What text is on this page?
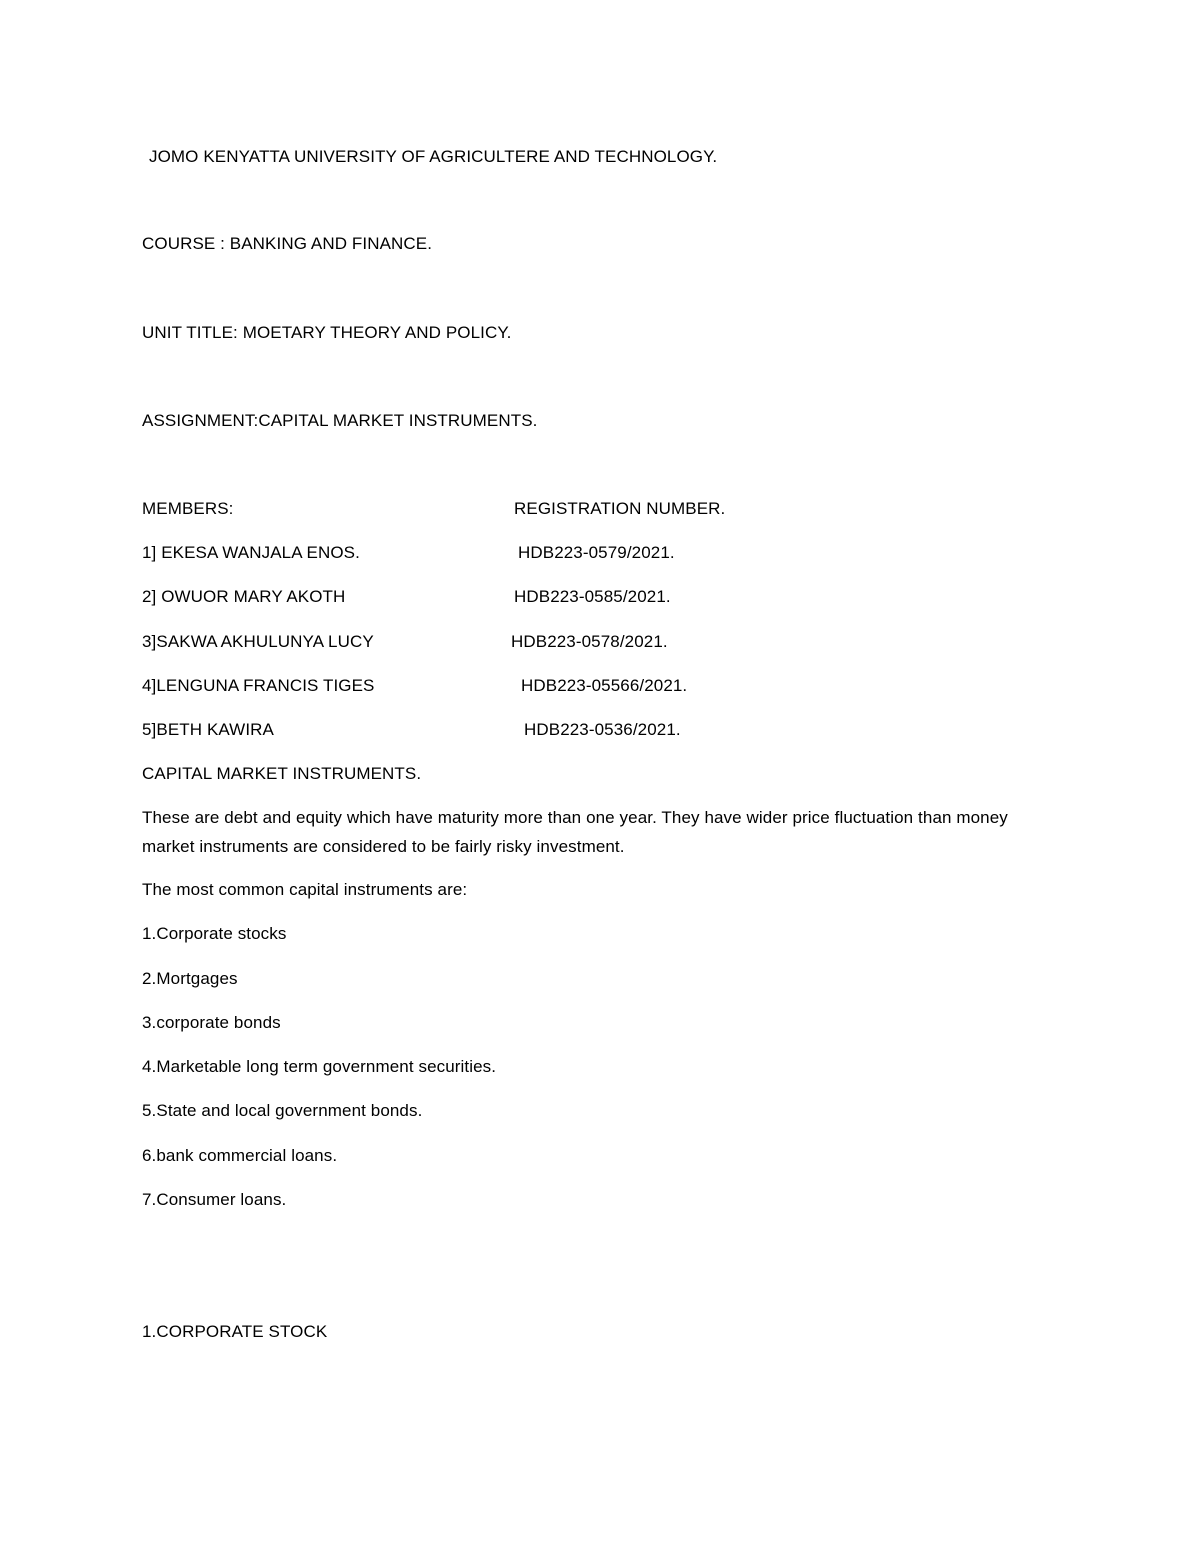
JOMO KENYATTA UNIVERSITY OF AGRICULTERE AND TECHNOLOGY.
COURSE : BANKING AND FINANCE.
UNIT TITLE: MOETARY THEORY AND POLICY.
ASSIGNMENT:CAPITAL MARKET INSTRUMENTS.
MEMBERS:	REGISTRATION NUMBER.
1] EKESA WANJALA ENOS.	HDB223-0579/2021.
2] OWUOR MARY AKOTH	HDB223-0585/2021.
3]SAKWA AKHULUNYA LUCY	HDB223-0578/2021.
4]LENGUNA FRANCIS TIGES	HDB223-05566/2021.
5]BETH KAWIRA	HDB223-0536/2021.
CAPITAL MARKET INSTRUMENTS.
These are debt and equity which have maturity more than one year. They have wider price fluctuation than money market instruments are considered to be fairly risky investment.
The most common capital instruments are:
1.Corporate stocks
2.Mortgages
3.corporate bonds
4.Marketable long term government securities.
5.State and local government bonds.
6.bank commercial loans.
7.Consumer loans.
1.CORPORATE STOCK
